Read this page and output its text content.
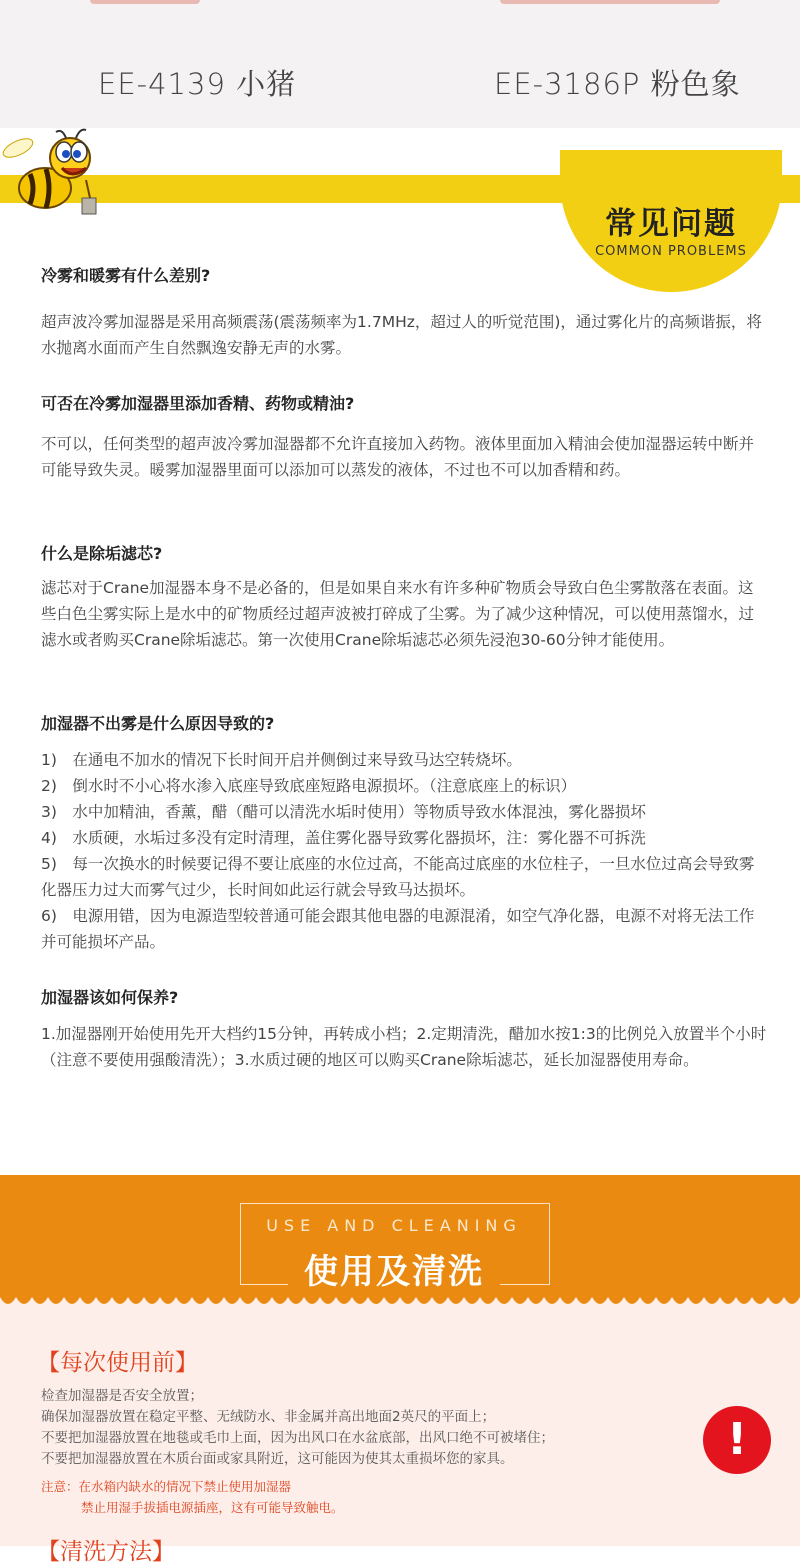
EE-4139 小猪	EE-3186P 粉色象
常见问题
COMMON PROBLEMS
冷雾和暖雾有什么差别?
超声波冷雾加湿器是采用高频震荡(震荡频率为1.7MHz，超过人的听觉范围)，通过雾化片的高频谐振，将水抛离水面而产生自然飘逸安静无声的水雾。
可否在冷雾加湿器里添加香精、药物或精油?
不可以，任何类型的超声波冷雾加湿器都不允许直接加入药物。液体里面加入精油会使加湿器运转中断并可能导致失灵。暖雾加湿器里面可以添加可以蒸发的液体，不过也不可以加香精和药。
什么是除垢滤芯?
滤芯对于Crane加湿器本身不是必备的，但是如果自来水有许多种矿物质会导致白色尘雾散落在表面。这些白色尘雾实际上是水中的矿物质经过超声波被打碎成了尘雾。为了减少这种情况，可以使用蒸馏水，过滤水或者购买Crane除垢滤芯。第一次使用Crane除垢滤芯必须先浸泡30-60分钟才能使用。
加湿器不出雾是什么原因导致的?
1)　在通电不加水的情况下长时间开启并侧倒过来导致马达空转烧坏。
2)　倒水时不小心将水渗入底座导致底座短路电源损坏。（注意底座上的标识）
3)　水中加精油，香薰，醋（醋可以清洗水垢时使用）等物质导致水体混浊，雾化器损坏
4)　水质硬，水垢过多没有定时清理，盖住雾化器导致雾化器损坏，注：雾化器不可拆洗
5)　每一次换水的时候要记得不要让底座的水位过高，不能高过底座的水位柱子，一旦水位过高会导致雾化器压力过大而雾气过少，长时间如此运行就会导致马达损坏。
6)　电源用错，因为电源造型较普通可能会跟其他电器的电源混淆，如空气净化器，电源不对将无法工作并可能损坏产品。
加湿器该如何保养?
1.加湿器刚开始使用先开大档约15分钟，再转成小档；2.定期清洗，醋加水按1:3的比例兑入放置半个小时（注意不要使用强酸清洗）；3.水质过硬的地区可以购买Crane除垢滤芯，延长加湿器使用寿命。
USE AND CLEANING
使用及清洗
【每次使用前】
检查加湿器是否安全放置；
确保加湿器放置在稳定平整、无绒防水、非金属并高出地面2英尺的平面上；
不要把加湿器放置在地毯或毛巾上面，因为出风口在水盆底部，出风口绝不可被堵住；
不要把加湿器放置在木质台面或家具附近，这可能因为使其太重损坏您的家具。
注意：在水箱内缺水的情况下禁止使用加湿器
禁止用湿手拔插电源插座，这有可能导致触电。
!
【清洗方法】
